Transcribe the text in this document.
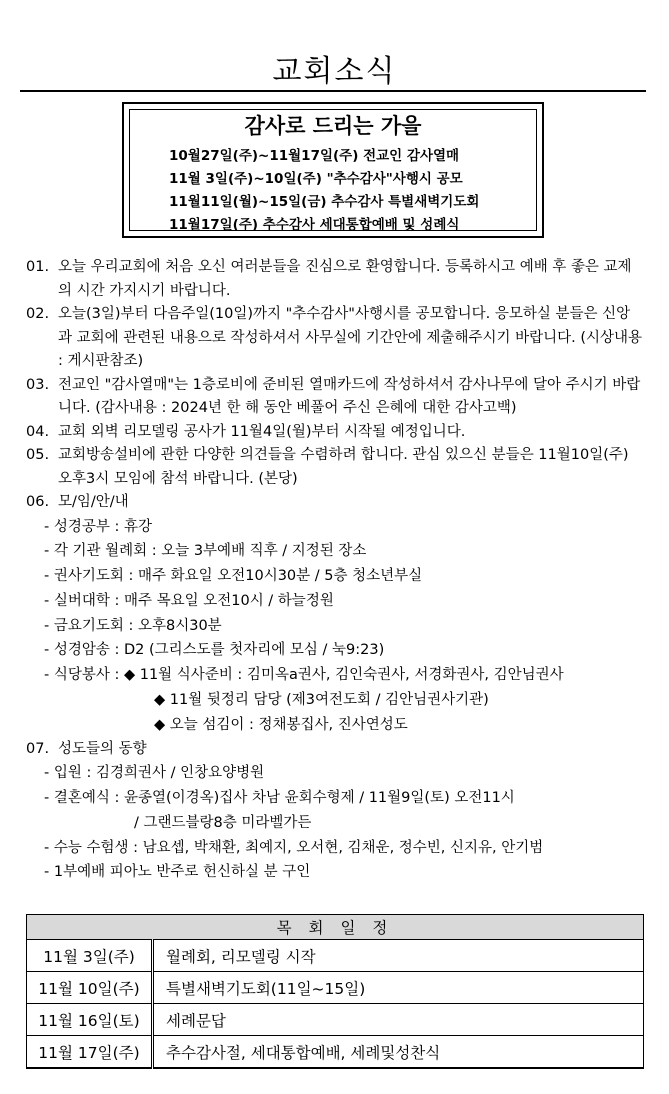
교회소식
감사로 드리는 가을
10월27일(주)~11월17일(주) 전교인 감사열매
11월 3일(주)~10일(주) "추수감사"사행시 공모
11월11일(월)~15일(금) 추수감사 특별새벽기도회
11월17일(주) 추수감사 세대통합예배 및 성례식
01. 오늘 우리교회에 처음 오신 여러분들을 진심으로 환영합니다. 등록하시고 예배 후 좋은 교제의 시간 가지시기 바랍니다.
02. 오늘(3일)부터 다음주일(10일)까지 "추수감사"사행시를 공모합니다. 응모하실 분들은 신앙과 교회에 관련된 내용으로 작성하셔서 사무실에 기간안에 제출해주시기 바랍니다. (시상내용 : 게시판참조)
03. 전교인 "감사열매"는 1층로비에 준비된 열매카드에 작성하셔서 감사나무에 달아 주시기 바랍니다. (감사내용 : 2024년 한 해 동안 베풀어 주신 은혜에 대한 감사고백)
04. 교회 외벽 리모델링 공사가 11월4일(월)부터 시작될 예정입니다.
05. 교회방송설비에 관한 다양한 의견들을 수렴하려 합니다. 관심 있으신 분들은 11월10일(주) 오후3시 모임에 참석 바랍니다. (본당)
06. 모/임/안/내
- 성경공부 : 휴강
- 각 기관 월례회 : 오늘 3부예배 직후 / 지정된 장소
- 권사기도회 : 매주 화요일 오전10시30분 / 5층 청소년부실
- 실버대학 : 매주 목요일 오전10시 / 하늘정원
- 금요기도회 : 오후8시30분
- 성경암송 : D2 (그리스도를 첫자리에 모심 / 눅9:23)
- 식당봉사 : ◆ 11월 식사준비 : 김미옥a권사, 김인숙권사, 서경화권사, 김안님권사
◆ 11월 뒷정리 담당 (제3여전도회 / 김안님권사기관)
◆ 오늘 섬김이 : 정채봉집사, 진사연성도
07. 성도들의 동향
- 입원 : 김경희권사 / 인창요양병원
- 결혼예식 : 윤종열(이경옥)집사 차남 윤회수형제 / 11월9일(토) 오전11시
/ 그랜드블랑8층 미라벨가든
- 수능 수험생 : 남요셉, 박채환, 최예지, 오서현, 김채운, 정수빈, 신지유, 안기범
- 1부예배 피아노 반주로 헌신하실 분 구인
목 회 일 정	
11월 3일(주)	월례회, 리모델링 시작
11월 10일(주)	특별새벽기도회(11일~15일)
11월 16일(토)	세례문답
11월 17일(주)	추수감사절, 세대통합예배, 세례및성찬식
